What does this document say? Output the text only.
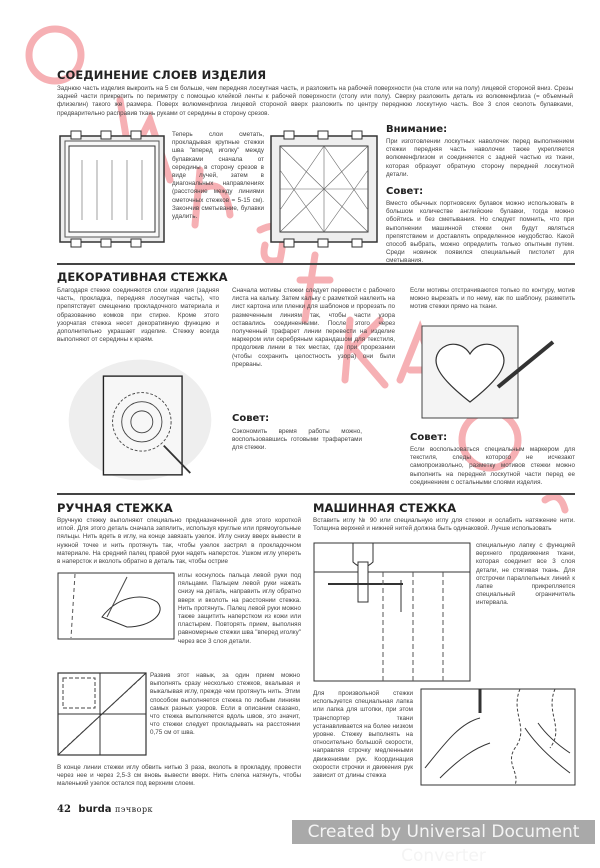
СОЕДИНЕНИЕ СЛОЕВ ИЗДЕЛИЯ

Заднюю часть изделия выкроить на 5 см больше, чем передняя лоскутная часть, и разложить на рабочей поверхности (на столе или на полу) лицевой стороной вниз. Срезы задней части прикрепить по периметру с помощью клейкой ленты к рабочей поверхности (столу или полу). Сверху разложить деталь из волюменфлиза (= объемный флизелин) такого же размера. Поверх волюменфлиза лицевой стороной вверх разложить по центру переднюю лоскутную часть. Все 3 слоя сколоть булавками, предварительно расправив ткань руками от середины в сторону срезов.

Теперь слои сметать, прокладывая крупные стежки шва "вперед иголку" между булавками сначала от середины в сторону срезов в виде лучей, затем в диагональных направлениях (расстояние между линиями сметочных стежков = 5-15 см). Закончив сметывание, булавки удалить.

Внимание:

При изготовлении лоскутных наволочек перед выполнением стежки передняя часть наволочки также укрепляется волюменфлизом и соединяется с задней частью из ткани, которая образует обратную сторону передней лоскутной детали.

Совет:

Вместо обычных портновских булавок можно использовать в большом количестве английские булавки, тогда можно обойтись и без сметывания. Но следует помнить, что при выполнении машинной стежки они будут являться препятствием и доставлять определенное неудобство. Какой способ выбрать, можно определить только опытным путем. Среди новинок появился специальный пистолет для сметывания.

ДЕКОРАТИВНАЯ СТЕЖКА

Благодаря стежке соединяются слои изделия (задняя часть, прокладка, передняя лоскутная часть), что препятствует смещению прокладочного материала и образованию комков при стирке. Кроме этого узорчатая стежка несет декоративную функцию и дополнительно украшает изделие. Стежку всегда выполняют от середины к краям.

Сначала мотивы стежки следует перевести с рабочего листа на кальку. Затем кальку с разметкой наклеить на лист картона или пленки для шаблонов и прорезать по размеченным линиям так, чтобы части узора оставались соединенными. После этого через полученный трафарет линии перевести на изделие маркером или серебряным карандашом для текстиля, продолжив линии в тех местах, где при прорезании (чтобы сохранить целостность узора) они были прерваны.

Если мотивы отстрачиваются только по контуру, мотив можно вырезать и по нему, как по шаблону, разметить мотив стежки прямо на ткани.

Совет:

Сэкономить время работы можно, воспользовавшись готовыми трафаретами для стежки.

Совет:

Если воспользоваться специальным маркером для текстиля, следы которого не исчезают самопроизвольно, разметку мотивов стежки можно выполнить на передней лоскутной части перед ее соединением с остальными слоями изделия.

РУЧНАЯ СТЕЖКА

Вручную стежку выполняют специально предназначенной для этого короткой иглой. Для этого деталь сначала запялить, используя круглые или прямоугольные пяльцы. Нить вдеть в иглу, на конце завязать узелок. Иглу снизу вверх вывести в нужной точке и нить протянуть так, чтобы узелок застрял в прокладочном материале. На средний палец правой руки надеть наперсток. Ушком иглу упереть в наперсток и вколоть обратно в деталь так, чтобы острие

иглы коснулось пальца левой руки под пяльцами. Пальцем левой руки нажать снизу на деталь, направить иглу обратно вверх и вколоть на расстоянии стежка. Нить протянуть. Палец левой руки можно также защитить наперстком из кожи или пластырем. Повторять прием, выполняя равномерные стежки шва "вперед иголку" через все 3 слоя детали.

Развив этот навык, за один прием можно выполнять сразу несколько стежков, вкалывая и выкалывая иглу, прежде чем протянуть нить. Этим способом выполняется стежка по любым линиям самых разных узоров. Если в описании сказано, что стежка выполняется вдоль швов, это значит, что стежки следует прокладывать на расстоянии 0,75 см от шва.

В конце линии стежки иглу обвить нитью 3 раза, вколоть в прокладку, провести через нее и через 2,5-3 см вновь вывести вверх. Нить слегка натянуть, чтобы маленький узелок остался под верхним слоем.

МАШИННАЯ СТЕЖКА

Вставить иглу № 90 или специальную иглу для стежки и ослабить натяжение нити. Толщина верхней и нижней нитей должна быть одинаковой. Лучше использовать

специальную лапку с функцией верхнего продвижения ткани, которая соединит все 3 слоя детали, не стягивая ткань. Для отстрочки параллельных линий к лапке прикрепляется специальный ограничитель интервала.

Для произвольной стежки используется специальная лапка или лапка для штопки, при этом транспортер ткани устанавливается на более низком уровне. Стежку выполнять на относительно большой скорости, направляя строчку медленными движениями рук. Координация скорости строчки и движения рук зависит от длины стежка

42 burda пэчворк
Created by Universal Document Converter
